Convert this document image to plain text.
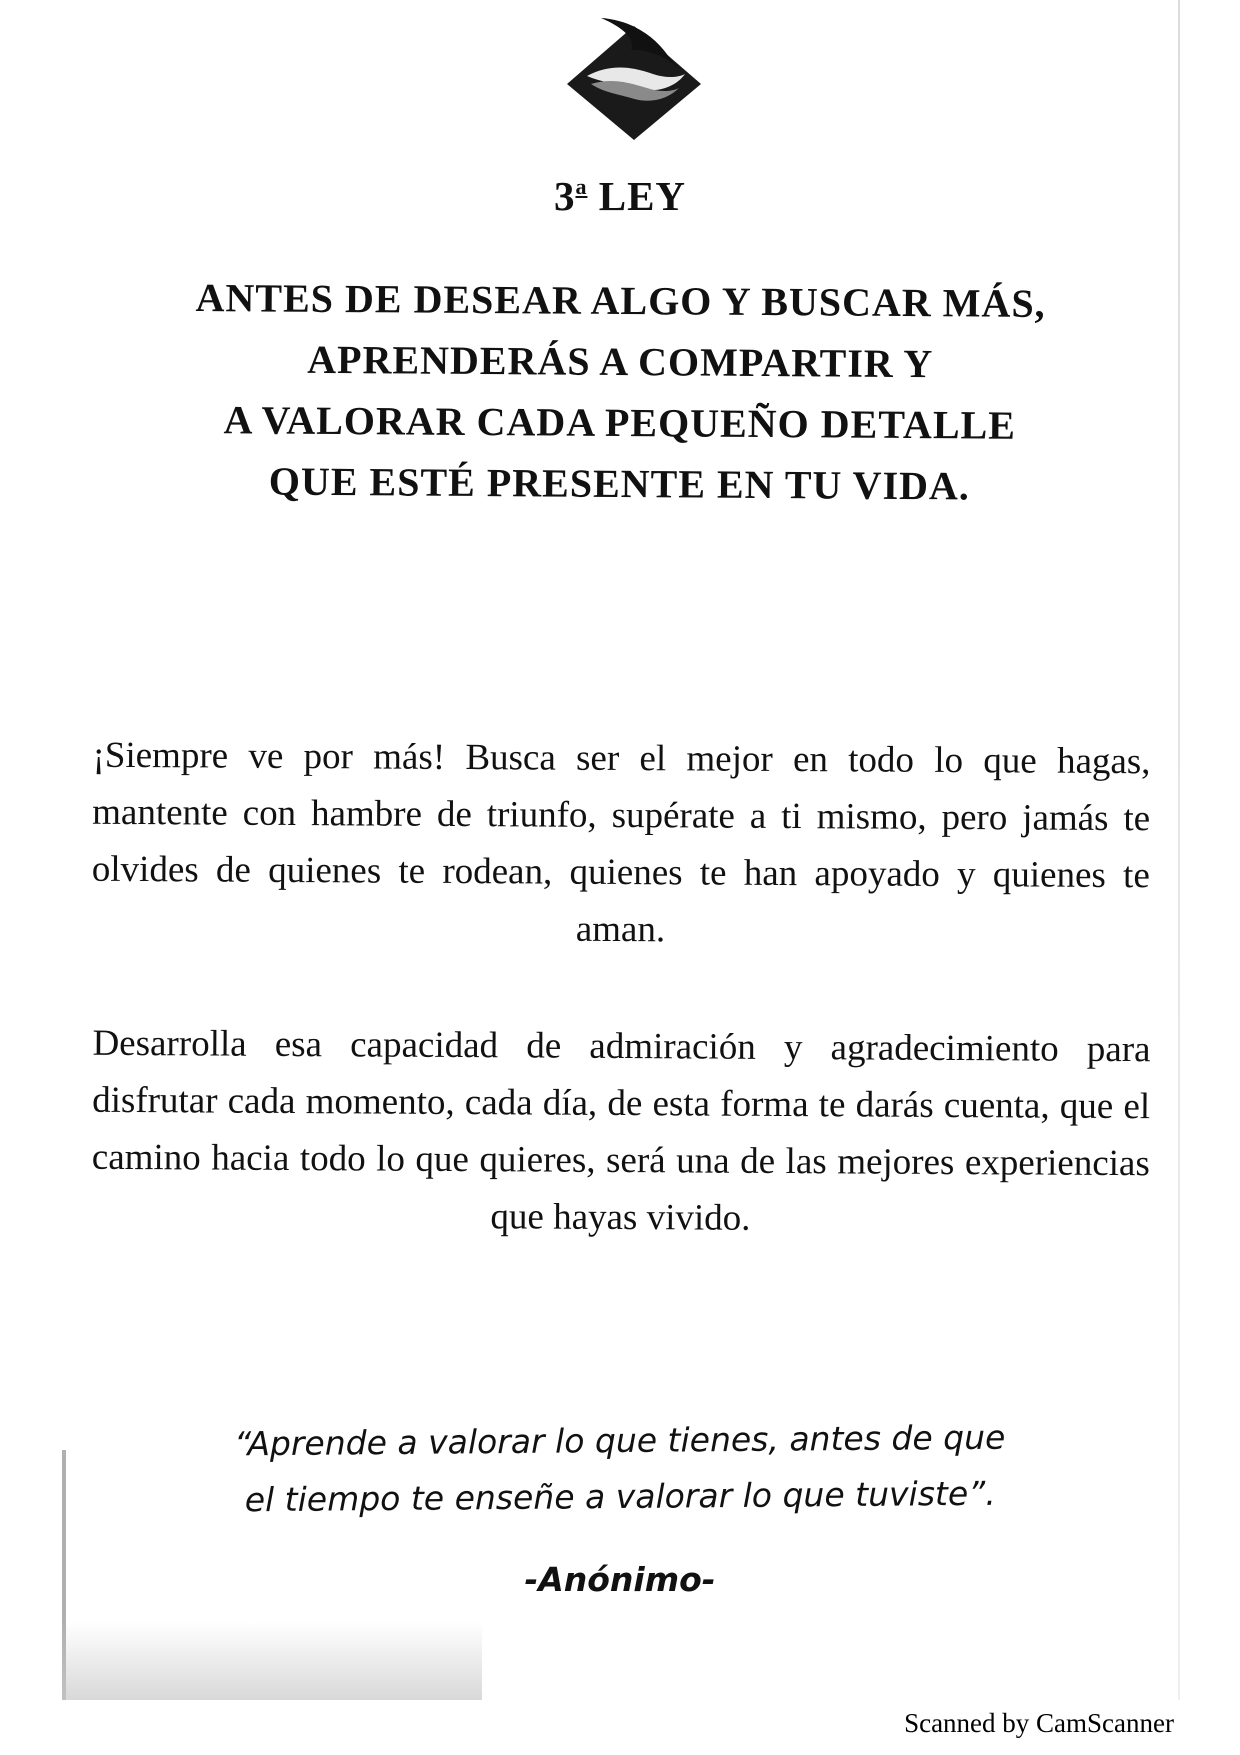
3$^a$ LEY
ANTES DE DESEAR ALGO Y BUSCAR MÁS,
APRENDERÁS A COMPARTIR Y
A VALORAR CADA PEQUEÑO DETALLE
QUE ESTÉ PRESENTE EN TU VIDA.

¡Siempre ve por más! Busca ser el mejor en todo lo que hagas, mantente con hambre de triunfo, supérate a ti mismo, pero jamás te olvides de quienes te rodean, quienes te han apoyado y quienes te aman.

Desarrolla esa capacidad de admiración y agradecimiento para disfrutar cada momento, cada día, de esta forma te darás cuenta, que el camino hacia todo lo que quieres, será una de las mejores experiencias que hayas vivido.

“Aprende a valorar lo que tienes, antes de que
el tiempo te enseñe a valorar lo que tuviste”.
-Anónimo-
Scanned by CamScanner
